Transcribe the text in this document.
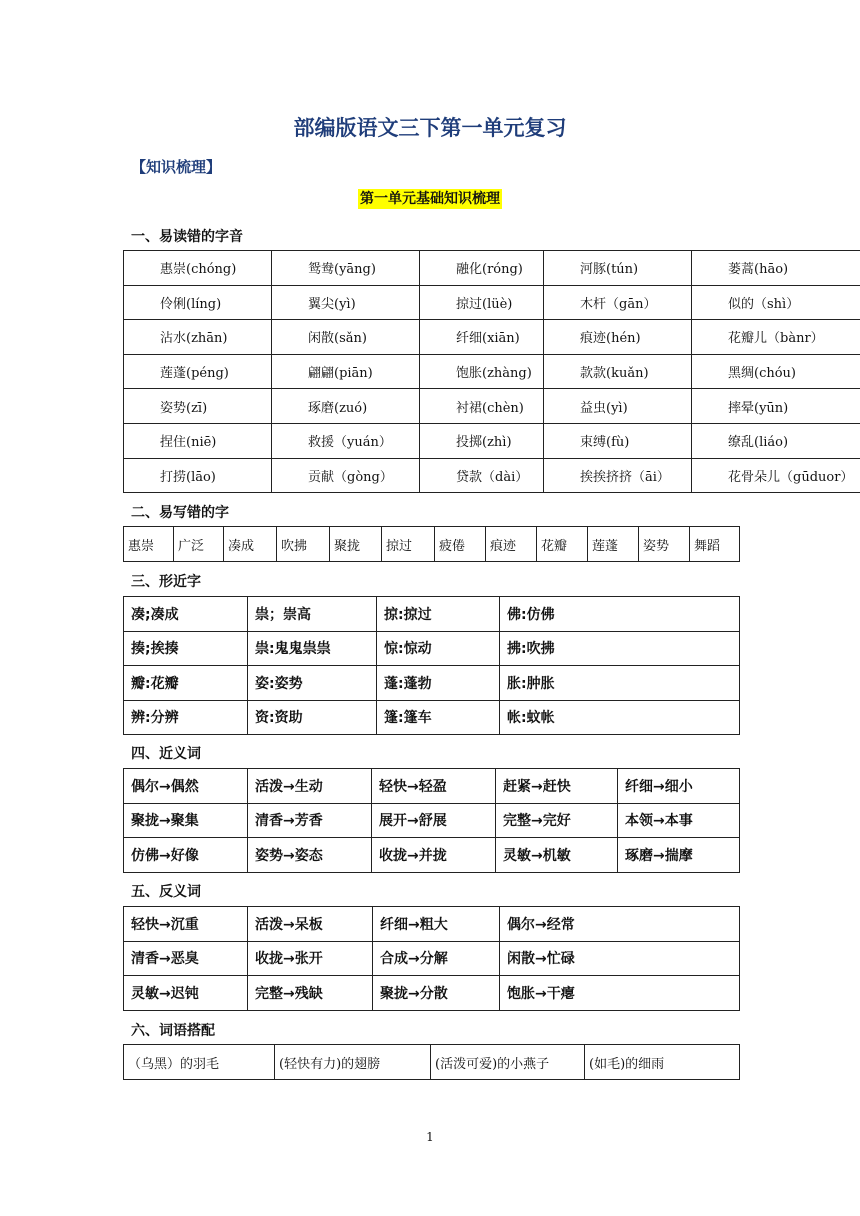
部编版语文三下第一单元复习
【知识梳理】
第一单元基础知识梳理
一、易读错的字音
惠崇(chóng)	鸳鸯(yāng)	融化(róng)	河豚(tún)	蒌蒿(hāo)
伶俐(líng)	翼尖(yì)	掠过(lüè)	木杆（gān）	似的（shì）
沾水(zhān)	闲散(sǎn)	纤细(xiān)	痕迹(hén)	花瓣儿（bànr）
莲蓬(péng)	翩翩(piān)	饱胀(zhàng)	款款(kuǎn)	黑绸(chóu)
姿势(zī)	琢磨(zuó)	衬裙(chèn)	益虫(yì)	摔晕(yūn)
捏住(niē)	救援（yuán）	投掷(zhì)	束缚(fù)	缭乱(liáo)
打捞(lāo)	贡献（gòng）	贷款（dài）	挨挨挤挤（āi）	花骨朵儿（gūduor）
二、易写错的字
惠崇	广泛	凑成	吹拂	聚拢	掠过	疲倦	痕迹	花瓣	莲蓬	姿势	舞蹈
三、形近字
凑;凑成	祟；崇高	掠:掠过	佛:仿佛
揍;挨揍	祟:鬼鬼祟祟	惊:惊动	拂:吹拂
瓣:花瓣	姿:姿势	蓬:蓬勃	胀:肿胀
辨:分辨	资:资助	篷:篷车	帐:蚊帐
四、近义词
偶尔→偶然	活泼→生动	轻快→轻盈	赶紧→赶快	纤细→细小
聚拢→聚集	清香→芳香	展开→舒展	完整→完好	本领→本事
仿佛→好像	姿势→姿态	收拢→并拢	灵敏→机敏	琢磨→揣摩
五、反义词
轻快→沉重	活泼→呆板	纤细→粗大	偶尔→经常
清香→恶臭	收拢→张开	合成→分解	闲散→忙碌
灵敏→迟钝	完整→残缺	聚拢→分散	饱胀→干瘪
六、词语搭配
（乌黑）的羽毛	(轻快有力)的翅膀	(活泼可爱)的小燕子	(如毛)的细雨
1
